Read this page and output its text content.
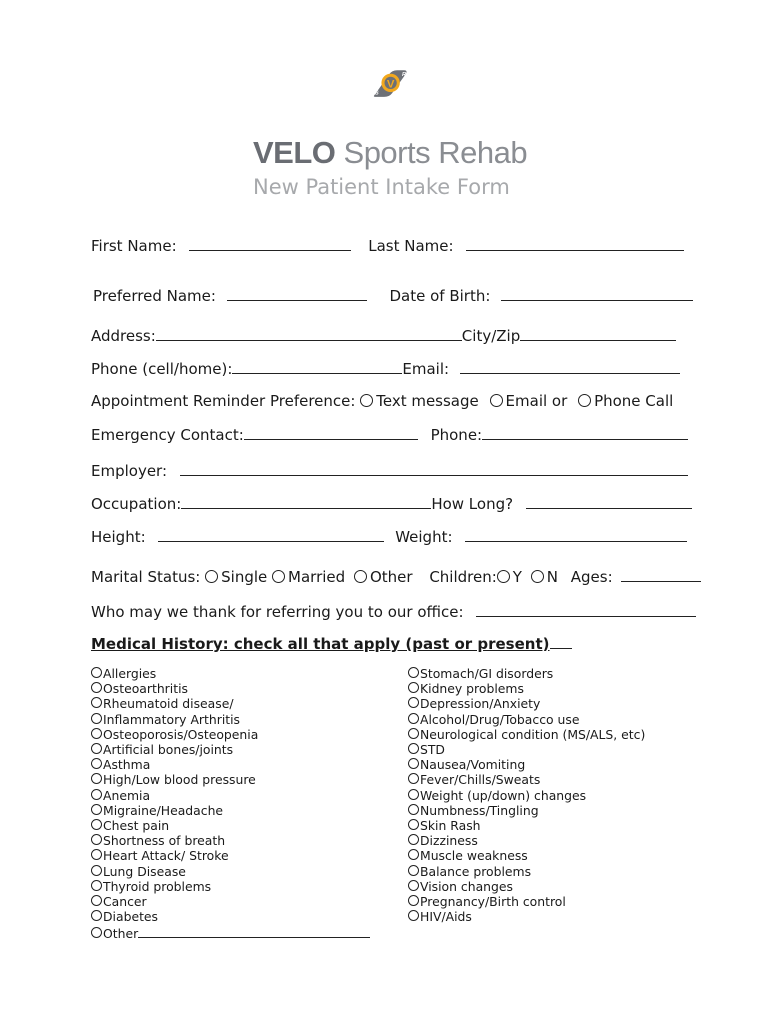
V
S
R
VELO Sports Rehab
New Patient Intake Form
First Name:	Last Name:
Preferred Name:	Date of Birth:
Address:	City/Zip
Phone (cell/home):	Email:
Appointment Reminder Preference: Text message Email or Phone Call
Emergency Contact:	Phone:
Employer:
Occupation:	How Long?
Height:	Weight:
Marital Status: Single Married Other Children: Y N Ages:
Who may we thank for referring you to our office:
Medical History: check all that apply (past or present)
Allergies
Osteoarthritis
Rheumatoid disease/
Inflammatory Arthritis
Osteoporosis/Osteopenia
Artificial bones/joints
Asthma
High/Low blood pressure
Anemia
Migraine/Headache
Chest pain
Shortness of breath
Heart Attack/ Stroke
Lung Disease
Thyroid problems
Cancer
Diabetes
Other
Stomach/GI disorders
Kidney problems
Depression/Anxiety
Alcohol/Drug/Tobacco use
Neurological condition (MS/ALS, etc)
STD
Nausea/Vomiting
Fever/Chills/Sweats
Weight (up/down) changes
Numbness/Tingling
Skin Rash
Dizziness
Muscle weakness
Balance problems
Vision changes
Pregnancy/Birth control
HIV/Aids
